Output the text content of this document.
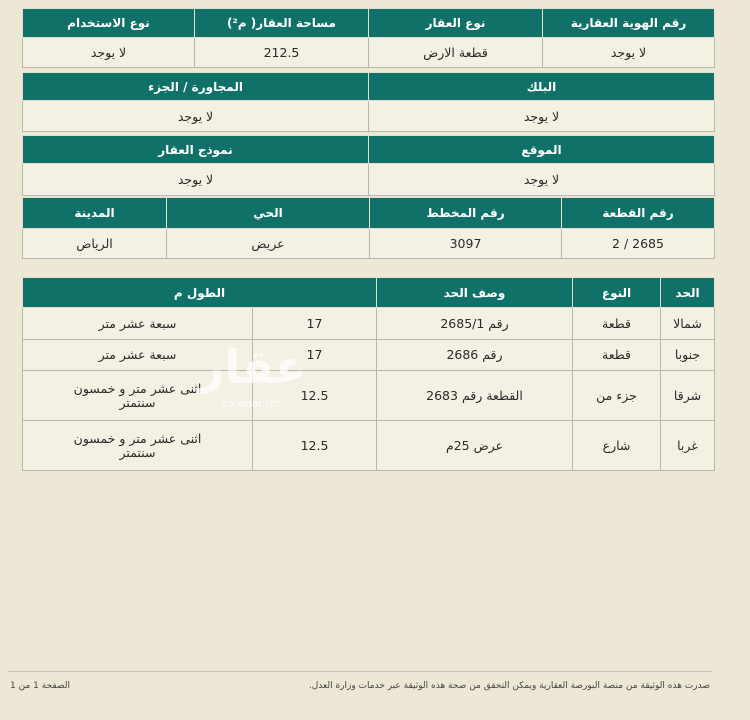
رقم الهوية العقارية	نوع العقار	مساحة العقار( م²)	نوع الاستخدام
لا يوجد	قطعة الارض	212.5	لا يوجد
البلك	المجاورة / الجزء
لا يوجد	لا يوجد
الموقع	نموذج العقار
لا يوجد	لا يوجد
رقم القطعة	رقم المخطط	الحي	المدينة
2685 / 2	3097	عريض	الرياض
الحد	النوع	وصف الحد	الطول م	
شمالا	قطعة	رقم 2685/1	17	سبعة عشر متر
جنوبا	قطعة	رقم 2686	17	سبعة عشر متر
شرقا	جزء من	القطعة رقم 2683	12.5	اثنى عشر متر و خمسون سنتمتر
غربا	شارع	عرض 25م	12.5	اثنى عشر متر و خمسون سنتمتر
عقار
sa.aqar.fm
صدرت هذه الوثيقة من منصة البورصة العقارية ويمكن التحقق من صحة هذه الوثيقة عبر خدمات وزارة العدل.
الصفحة 1 من 1
